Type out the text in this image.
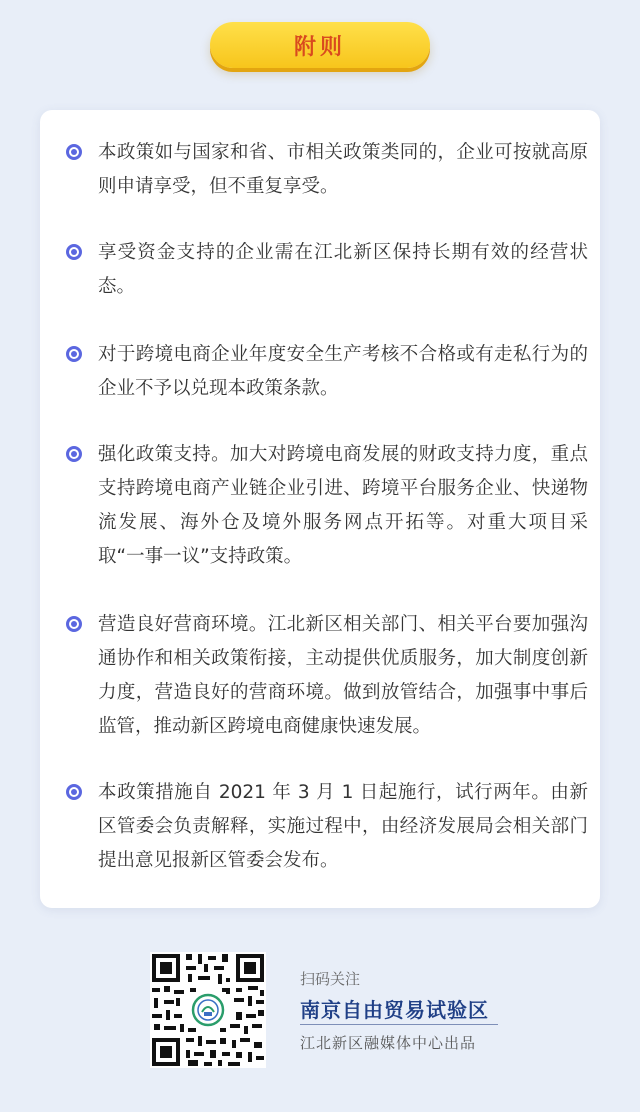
附则
本政策如与国家和省、市相关政策类同的，企业可按就高原则申请享受，但不重复享受。
享受资金支持的企业需在江北新区保持长期有效的经营状态。
对于跨境电商企业年度安全生产考核不合格或有走私行为的企业不予以兑现本政策条款。
强化政策支持。加大对跨境电商发展的财政支持力度，重点支持跨境电商产业链企业引进、跨境平台服务企业、快递物流发展、海外仓及境外服务网点开拓等。对重大项目采取“一事一议”支持政策。
营造良好营商环境。江北新区相关部门、相关平台要加强沟通协作和相关政策衔接，主动提供优质服务，加大制度创新力度，营造良好的营商环境。做到放管结合，加强事中事后监管，推动新区跨境电商健康快速发展。
本政策措施自 2021 年 3 月 1 日起施行，试行两年。由新区管委会负责解释，实施过程中，由经济发展局会相关部门提出意见报新区管委会发布。
扫码关注
南京自由贸易试验区
江北新区融媒体中心出品
